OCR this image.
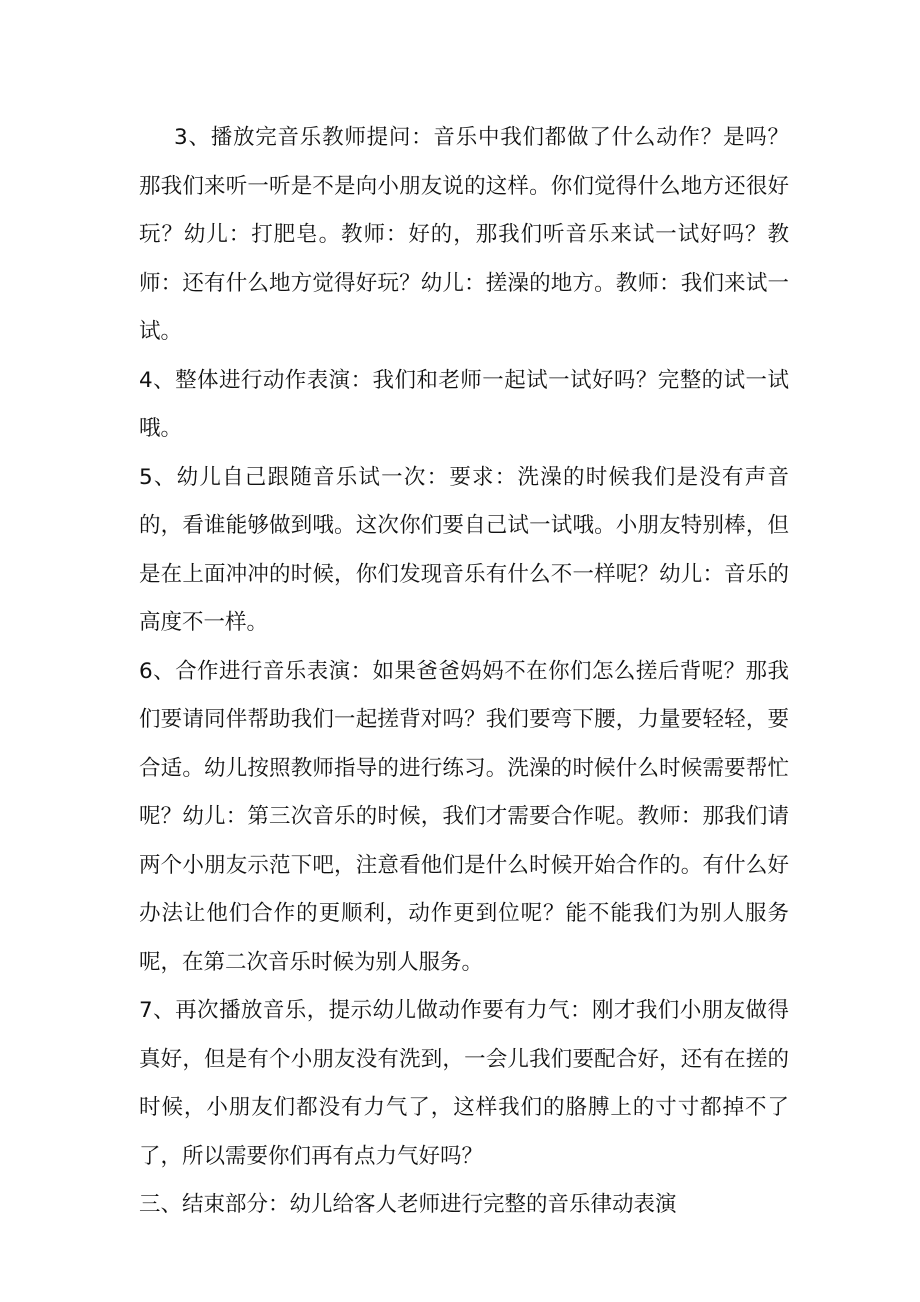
3、播放完音乐教师提问：音乐中我们都做了什么动作？是吗？那我们来听一听是不是向小朋友说的这样。你们觉得什么地方还很好玩？幼儿：打肥皂。教师：好的，那我们听音乐来试一试好吗？教师：还有什么地方觉得好玩？幼儿：搓澡的地方。教师：我们来试一试。

4、整体进行动作表演：我们和老师一起试一试好吗？完整的试一试哦。

5、幼儿自己跟随音乐试一次：要求：洗澡的时候我们是没有声音的，看谁能够做到哦。这次你们要自己试一试哦。小朋友特别棒，但是在上面冲冲的时候，你们发现音乐有什么不一样呢？幼儿：音乐的高度不一样。

6、合作进行音乐表演：如果爸爸妈妈不在你们怎么搓后背呢？那我们要请同伴帮助我们一起搓背对吗？我们要弯下腰，力量要轻轻，要合适。幼儿按照教师指导的进行练习。洗澡的时候什么时候需要帮忙呢？幼儿：第三次音乐的时候，我们才需要合作呢。教师：那我们请两个小朋友示范下吧，注意看他们是什么时候开始合作的。有什么好办法让他们合作的更顺利，动作更到位呢？能不能我们为别人服务呢，在第二次音乐时候为别人服务。

7、再次播放音乐，提示幼儿做动作要有力气：刚才我们小朋友做得真好，但是有个小朋友没有洗到，一会儿我们要配合好，还有在搓的时候，小朋友们都没有力气了，这样我们的胳膊上的寸寸都掉不了了，所以需要你们再有点力气好吗？

三、结束部分：幼儿给客人老师进行完整的音乐律动表演
